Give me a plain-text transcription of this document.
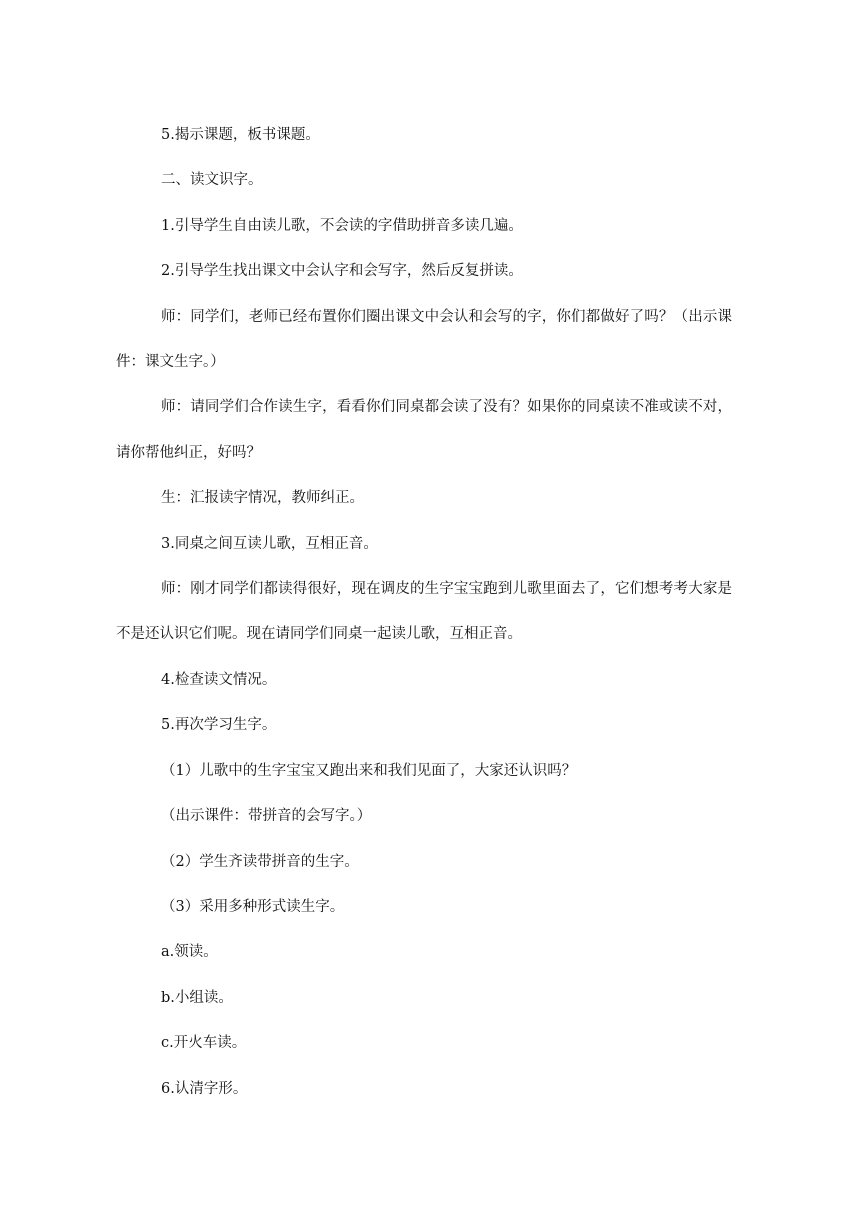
5.揭示课题，板书课题。

二、读文识字。

1.引导学生自由读儿歌，不会读的字借助拼音多读几遍。

2.引导学生找出课文中会认字和会写字，然后反复拼读。

师：同学们，老师已经布置你们圈出课文中会认和会写的字，你们都做好了吗？（出示课件：课文生字。）

师：请同学们合作读生字，看看你们同桌都会读了没有？如果你的同桌读不准或读不对，请你帮他纠正，好吗？

生：汇报读字情况，教师纠正。

3.同桌之间互读儿歌，互相正音。

师：刚才同学们都读得很好，现在调皮的生字宝宝跑到儿歌里面去了，它们想考考大家是不是还认识它们呢。现在请同学们同桌一起读儿歌，互相正音。

4.检查读文情况。

5.再次学习生字。

（1）儿歌中的生字宝宝又跑出来和我们见面了，大家还认识吗？

（出示课件：带拼音的会写字。）

（2）学生齐读带拼音的生字。

（3）采用多种形式读生字。

a.领读。

b.小组读。

c.开火车读。

6.认清字形。
